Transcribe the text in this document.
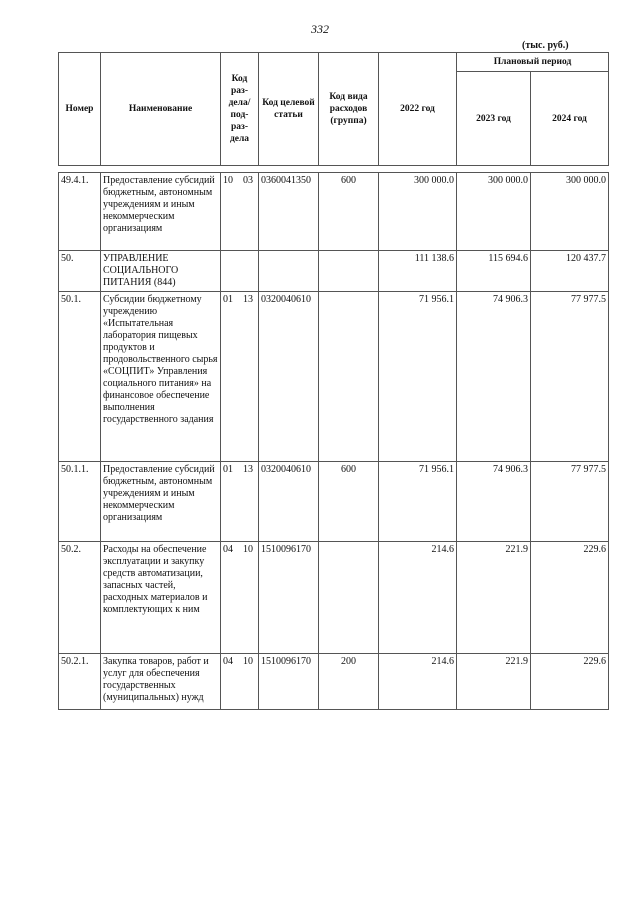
332
(тыс. руб.)
Номер	Наименование	Код раз-дела/ под-раз-дела	Код целевой статьи	Код вида расходов (группа)	2022 год	Плановый период	
						2023 год	2024 год

49.4.1.	Предоставление субсидий бюджетным, автономным учреждениям и иным некоммерческим организациям	10 03	0360041350	600	300 000.0	300 000.0	300 000.0
50.	УПРАВЛЕНИЕ СОЦИАЛЬНОГО ПИТАНИЯ (844)				111 138.6	115 694.6	120 437.7
50.1.	Субсидии бюджетному учреждению «Испытательная лаборатория пищевых продуктов и продовольственного сырья «СОЦПИТ» Управления социального питания» на финансовое обеспечение выполнения государственного задания	01 13	0320040610		71 956.1	74 906.3	77 977.5
50.1.1.	Предоставление субсидий бюджетным, автономным учреждениям и иным некоммерческим организациям	01 13	0320040610	600	71 956.1	74 906.3	77 977.5
50.2.	Расходы на обеспечение эксплуатации и закупку средств автоматизации, запасных частей, расходных материалов и комплектующих к ним	04 10	1510096170		214.6	221.9	229.6
50.2.1.	Закупка товаров, работ и услуг для обеспечения государственных (муниципальных) нужд	04 10	1510096170	200	214.6	221.9	229.6
